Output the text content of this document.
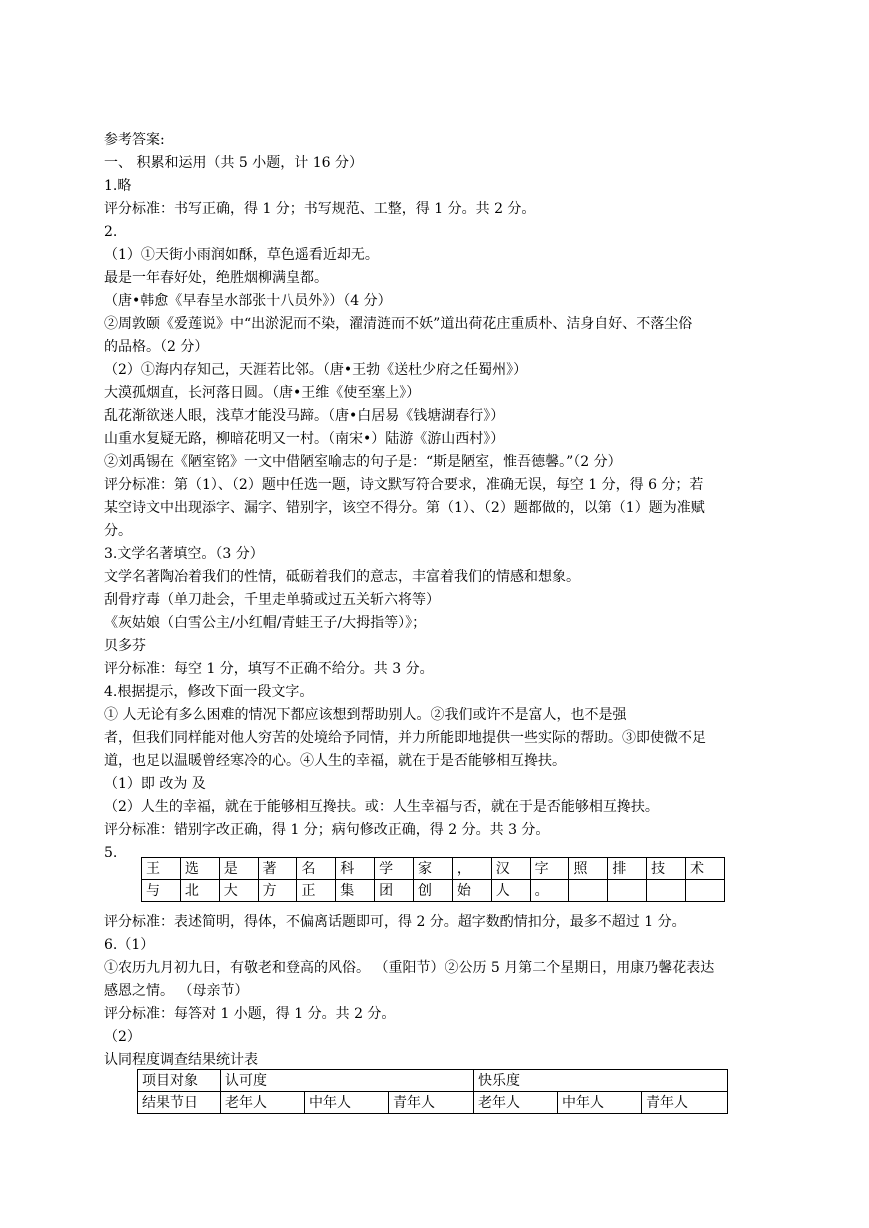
参考答案:
一、 积累和运用（共 5 小题，计 16 分）
1.略
评分标准：书写正确，得 1 分；书写规范、工整，得 1 分。共 2 分。
2.
（1）①天街小雨润如酥，草色遥看近却无。
最是一年春好处，绝胜烟柳满皇都。
（唐•韩愈《早春呈水部张十八员外》）（4 分）
②周敦颐《爱莲说》中“出淤泥而不染，濯清涟而不妖”道出荷花庄重质朴、洁身自好、不落尘俗
的品格。（2 分）
（2）①海内存知己，天涯若比邻。（唐•王勃《送杜少府之任蜀州》）
大漠孤烟直，长河落日圆。（唐•王维《使至塞上》）
乱花渐欲迷人眼，浅草才能没马蹄。（唐•白居易《钱塘湖春行》）
山重水复疑无路，柳暗花明又一村。（南宋•）陆游《游山西村》）
②刘禹锡在《陋室铭》一文中借陋室喻志的句子是：“斯是陋室，惟吾德馨。”（2 分）
评分标准：第（1）、（2）题中任选一题，诗文默写符合要求，准确无误，每空 1 分，得 6 分；若
某空诗文中出现添字、漏字、错别字，该空不得分。第（1）、（2）题都做的，以第（1）题为准赋
分。
3.文学名著填空。（3 分）
文学名著陶冶着我们的性情，砥砺着我们的意志，丰富着我们的情感和想象。
刮骨疗毒（单刀赴会，千里走单骑或过五关斩六将等）
《灰姑娘（白雪公主/小红帽/青蛙王子/大拇指等）》；
贝多芬
评分标准：每空 1 分，填写不正确不给分。共 3 分。
4.根据提示，修改下面一段文字。
① 人无论有多么困难的情况下都应该想到帮助别人。②我们或许不是富人，也不是强
者，但我们同样能对他人穷苦的处境给予同情，并力所能即地提供一些实际的帮助。③即使微不足
道，也足以温暖曾经寒冷的心。④人生的幸福，就在于是否能够相互搀扶。
（1）即 改为 及
（2）人生的幸福，就在于能够相互搀扶。或：人生幸福与否，就在于是否能够相互搀扶。
评分标准：错别字改正确，得 1 分；病句修改正确，得 2 分。共 3 分。
5.
王	选	是	著	名	科	学	家	，	汉	字	照	排	技	术
与	北	大	方	正	集	团	创	始	人	。				
评分标准：表述简明，得体，不偏离话题即可，得 2 分。超字数酌情扣分，最多不超过 1 分。
6.（1）
①农历九月初九日，有敬老和登高的风俗。 （重阳节）②公历 5 月第二个星期日，用康乃馨花表达
感恩之情。 （母亲节）
评分标准：每答对 1 小题，得 1 分。共 2 分。
（2）
认同程度调查结果统计表
项目对象	认可度			快乐度		
结果节日	老年人	中年人	青年人	老年人	中年人	青年人
